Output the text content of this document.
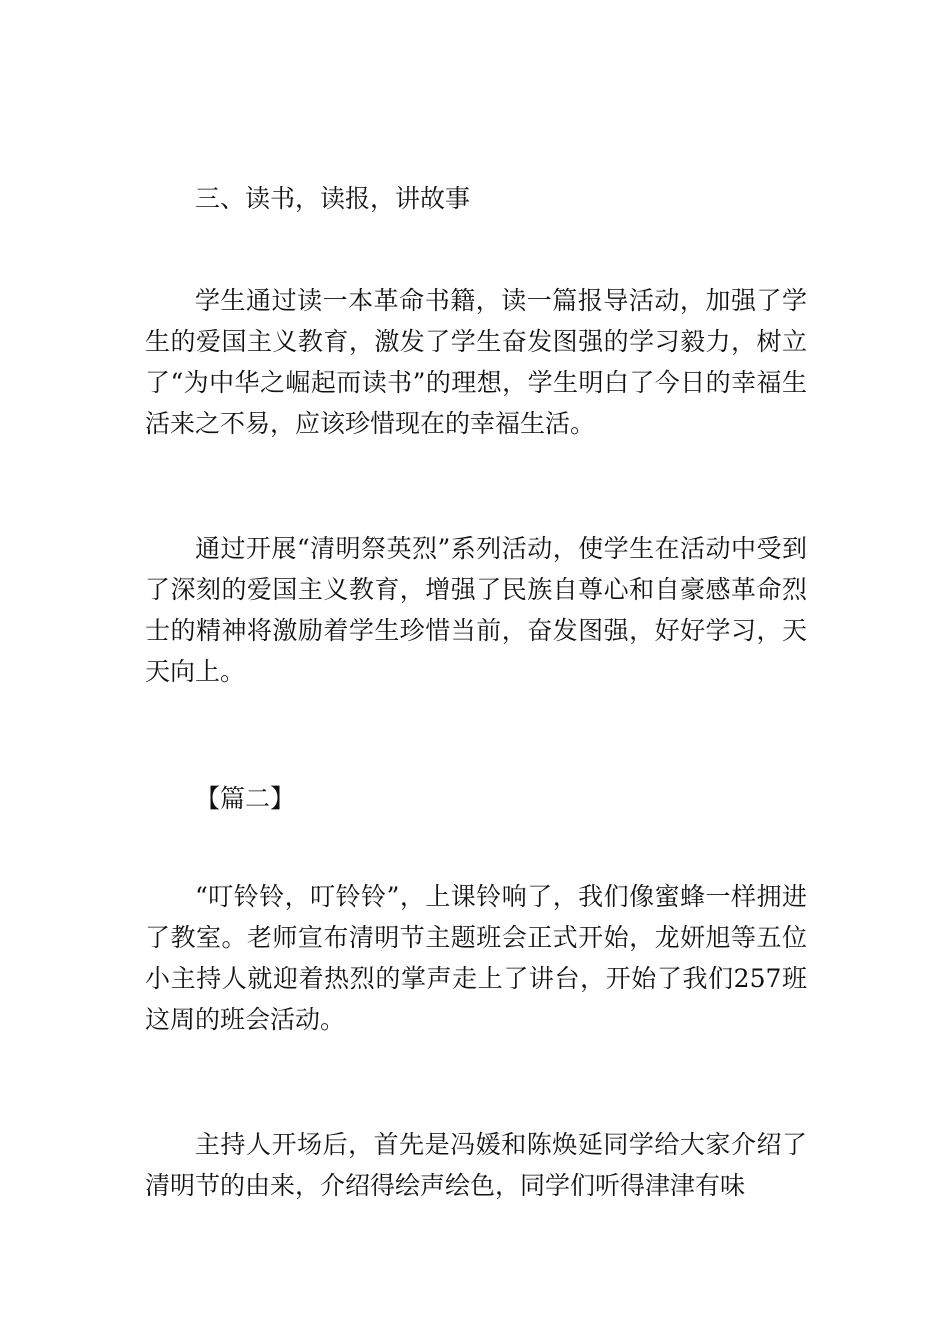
三、读书，读报，讲故事

学生通过读一本革命书籍，读一篇报导活动，加强了学生的爱国主义教育，激发了学生奋发图强的学习毅力，树立了“为中华之崛起而读书”的理想，学生明白了今日的幸福生活来之不易，应该珍惜现在的幸福生活。

通过开展“清明祭英烈”系列活动，使学生在活动中受到了深刻的爱国主义教育，增强了民族自尊心和自豪感革命烈士的精神将激励着学生珍惜当前，奋发图强，好好学习，天天向上。

【篇二】

“叮铃铃，叮铃铃”，上课铃响了，我们像蜜蜂一样拥进了教室。老师宣布清明节主题班会正式开始，龙妍旭等五位小主持人就迎着热烈的掌声走上了讲台，开始了我们257班这周的班会活动。

主持人开场后，首先是冯媛和陈焕延同学给大家介绍了清明节的由来，介绍得绘声绘色，同学们听得津津有味
